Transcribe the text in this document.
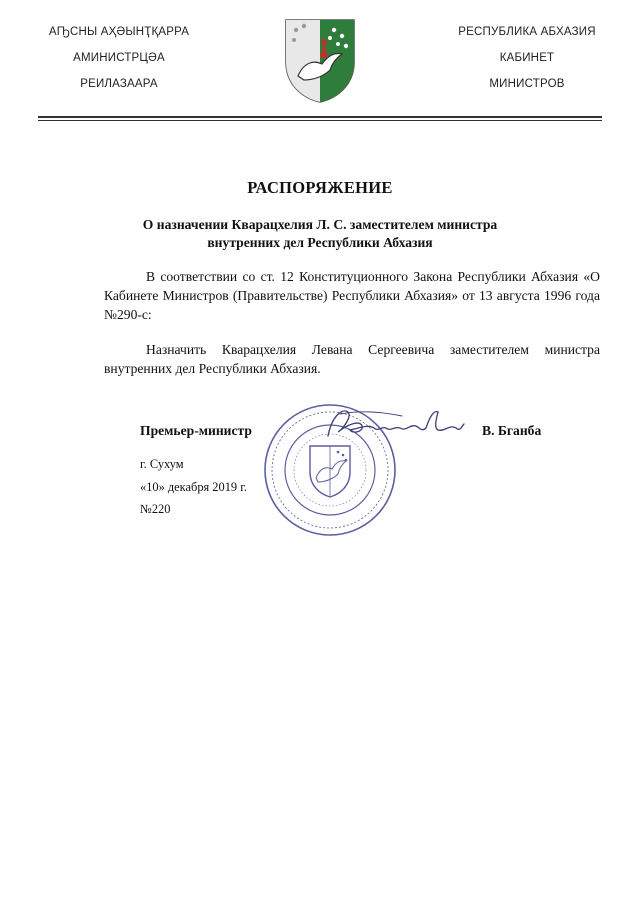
АҦСНЫ АҲӘЫНҬҚАРРА
АМИНИСТРЦӘА
РЕИЛАЗААРА
РЕСПУБЛИКА АБХАЗИЯ
КАБИНЕТ
МИНИСТРОВ
РАСПОРЯЖЕНИЕ
О назначении Кварацхелия Л. С. заместителем министра
внутренних дел Республики Абхазия
В соответствии со ст. 12 Конституционного Закона Республики Абхазия «О Кабинете Министров (Правительстве) Республики Абхазия» от 13 августа 1996 года №290-с:
Назначить Кварацхелия Левана Сергеевича заместителем министра внутренних дел Республики Абхазия.
Премьер-министр	В. Бганба
г. Сухум
«10» декабря 2019 г.
№220
